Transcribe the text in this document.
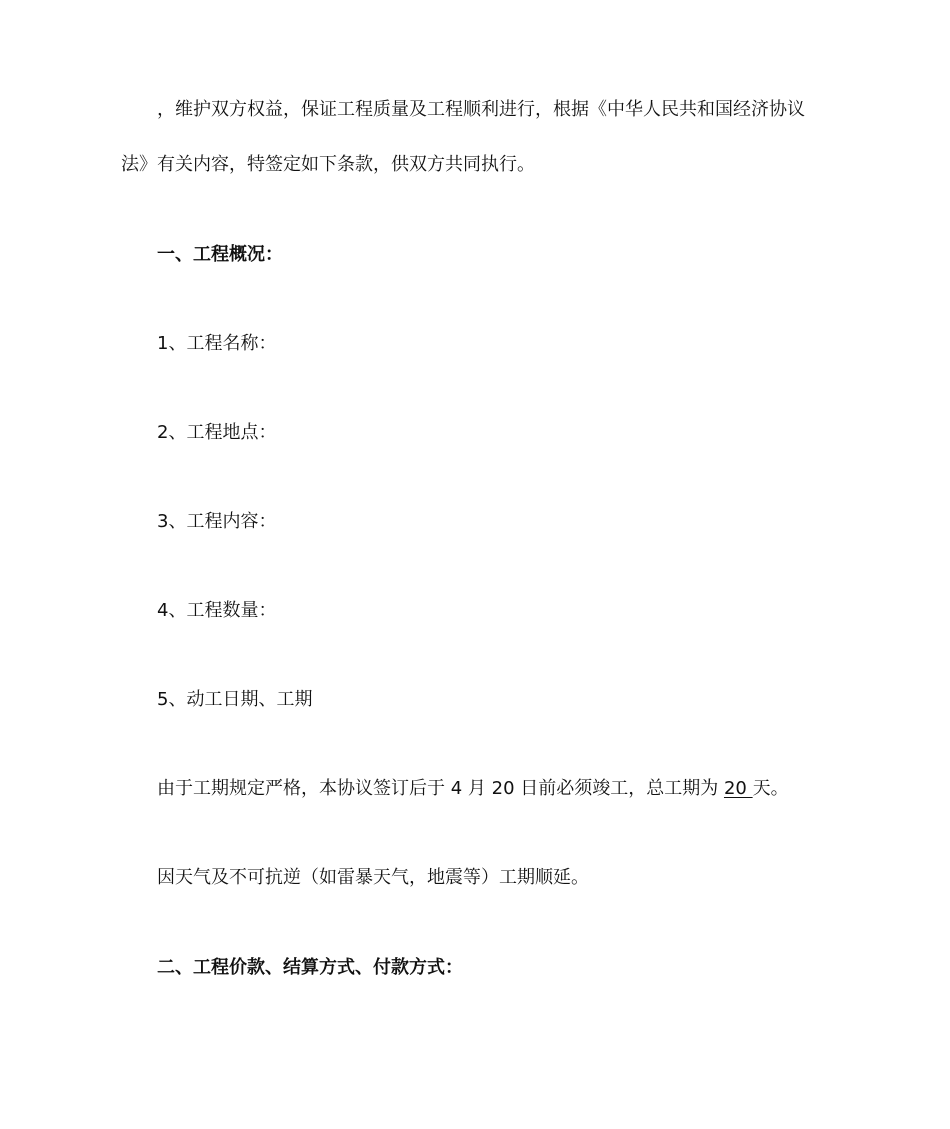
，维护双方权益，保证工程质量及工程顺利进行，根据《中华人民共和国经济协议
法》有关内容，特签定如下条款，供双方共同执行。
一、工程概况：
1、工程名称：
2、工程地点：
3、工程内容：
4、工程数量：
5、动工日期、工期
由于工期规定严格，本协议签订后于 4 月 20 日前必须竣工，总工期为 20 天。
因天气及不可抗逆（如雷暴天气，地震等）工期顺延。
二、工程价款、结算方式、付款方式：
